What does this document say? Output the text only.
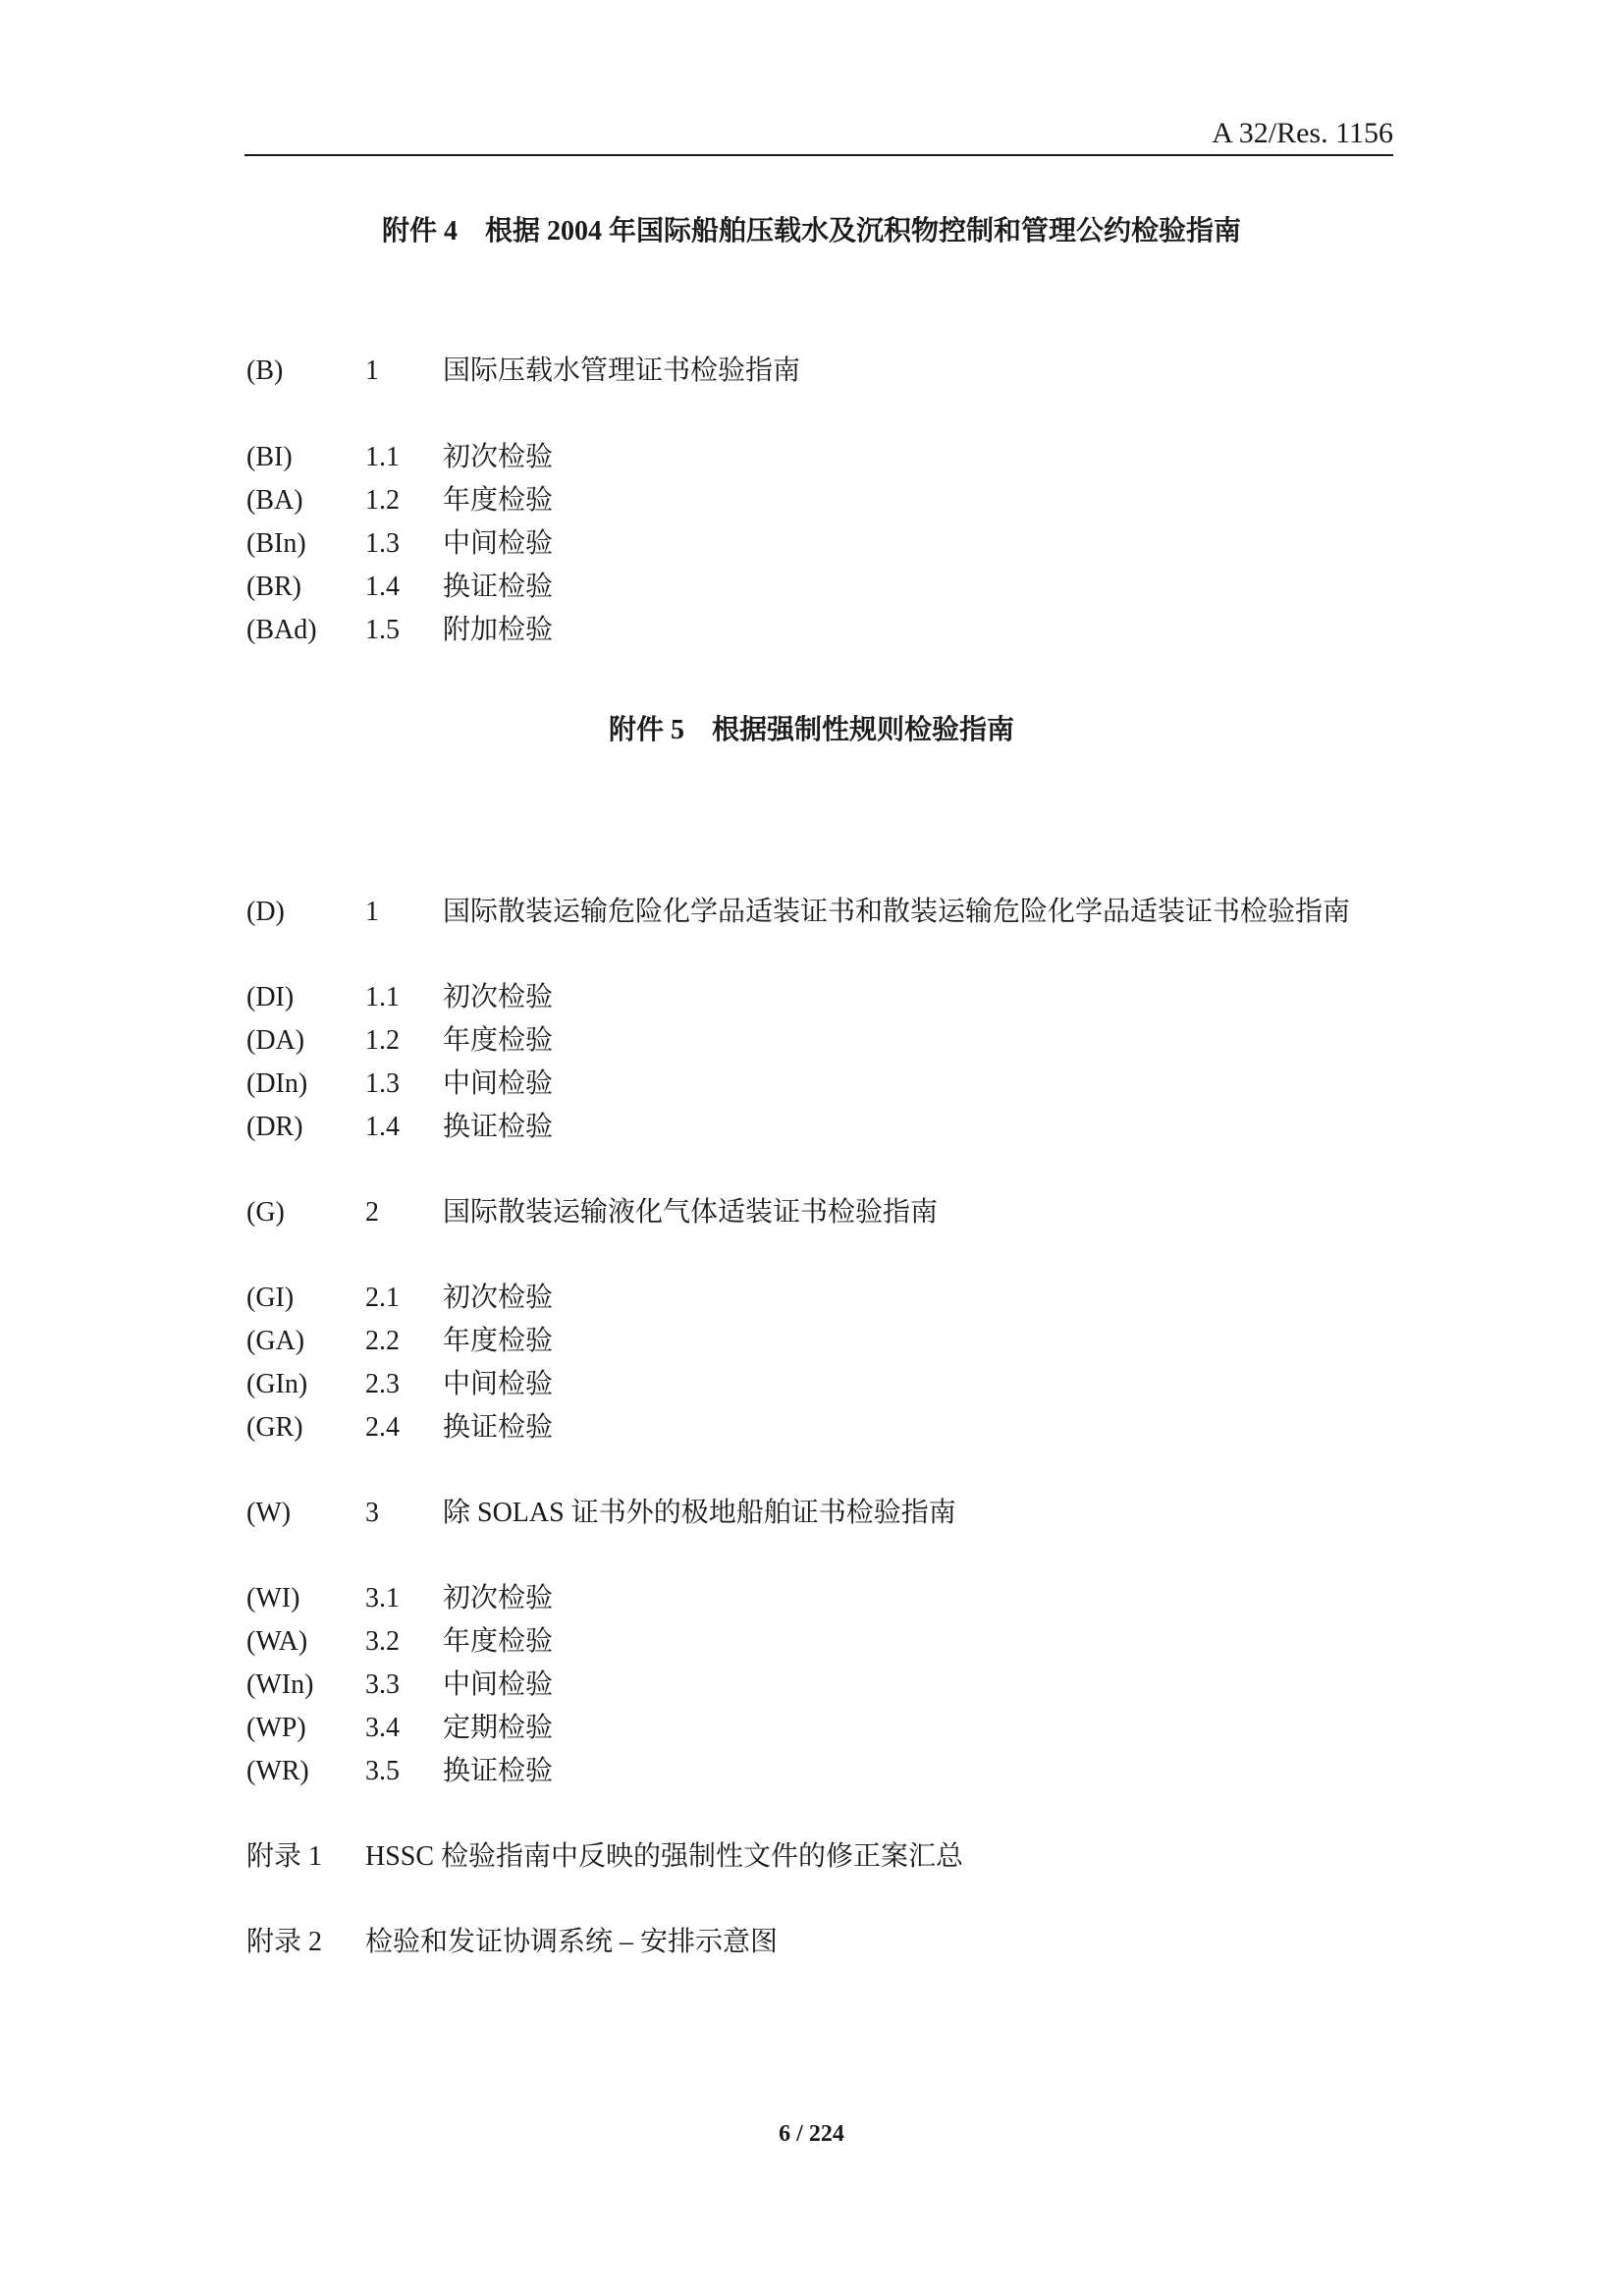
A 32/Res. 1156
附件 4 根据 2004 年国际船舶压载水及沉积物控制和管理公约检验指南
(B)	1 国际压载水管理证书检验指南
(BI)	1.1 初次检验
(BA) 1.2 年度检验
(BIn) 1.3 中间检验
(BR) 1.4 换证检验
(BAd) 1.5 附加检验
附件 5 根据强制性规则检验指南
(D)	1 国际散装运输危险化学品适装证书和散装运输危险化学品适装证书检验指南
(DI)	1.1 初次检验
(DA) 1.2 年度检验
(DIn) 1.3 中间检验
(DR) 1.4 换证检验
(G)	2 国际散装运输液化气体适装证书检验指南
(GI)	2.1 初次检验
(GA) 2.2 年度检验
(GIn) 2.3 中间检验
(GR) 2.4 换证检验
(W)	3 除 SOLAS 证书外的极地船舶证书检验指南
(WI) 3.1 初次检验
(WA) 3.2 年度检验
(WIn) 3.3 中间检验
(WP) 3.4 定期检验
(WR) 3.5 换证检验
附录 1 HSSC 检验指南中反映的强制性文件的修正案汇总
附录 2 检验和发证协调系统 – 安排示意图
6 / 224
